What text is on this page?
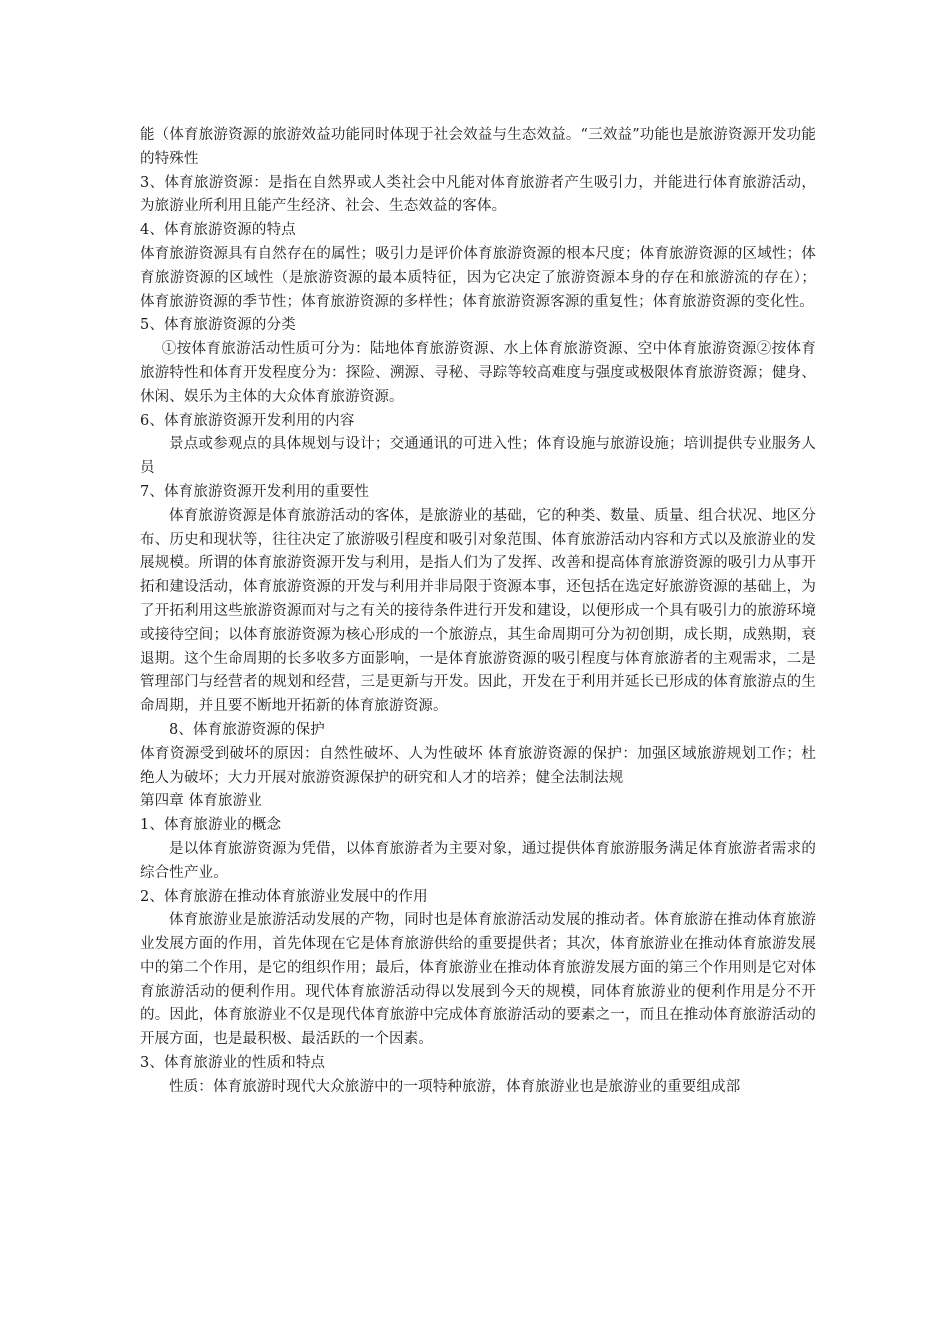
能（体育旅游资源的旅游效益功能同时体现于社会效益与生态效益。“三效益”功能也是旅游资源开发功能的特殊性

3、体育旅游资源：是指在自然界或人类社会中凡能对体育旅游者产生吸引力，并能进行体育旅游活动，为旅游业所利用且能产生经济、社会、生态效益的客体。

4、体育旅游资源的特点

体育旅游资源具有自然存在的属性；吸引力是评价体育旅游资源的根本尺度；体育旅游资源的区域性；体育旅游资源的区域性（是旅游资源的最本质特征，因为它决定了旅游资源本身的存在和旅游流的存在）；体育旅游资源的季节性；体育旅游资源的多样性；体育旅游资源客源的重复性；体育旅游资源的变化性。

5、体育旅游资源的分类

①按体育旅游活动性质可分为：陆地体育旅游资源、水上体育旅游资源、空中体育旅游资源②按体育旅游特性和体育开发程度分为：探险、溯源、寻秘、寻踪等较高难度与强度或极限体育旅游资源；健身、休闲、娱乐为主体的大众体育旅游资源。

6、体育旅游资源开发利用的内容

景点或参观点的具体规划与设计；交通通讯的可进入性；体育设施与旅游设施；培训提供专业服务人员

7、体育旅游资源开发利用的重要性

体育旅游资源是体育旅游活动的客体，是旅游业的基础，它的种类、数量、质量、组合状况、地区分布、历史和现状等，往往决定了旅游吸引程度和吸引对象范围、体育旅游活动内容和方式以及旅游业的发展规模。所谓的体育旅游资源开发与利用，是指人们为了发挥、改善和提高体育旅游资源的吸引力从事开拓和建设活动，体育旅游资源的开发与利用并非局限于资源本事，还包括在选定好旅游资源的基础上，为了开拓利用这些旅游资源而对与之有关的接待条件进行开发和建设，以便形成一个具有吸引力的旅游环境或接待空间；以体育旅游资源为核心形成的一个旅游点，其生命周期可分为初创期，成长期，成熟期，衰退期。这个生命周期的长多收多方面影响，一是体育旅游资源的吸引程度与体育旅游者的主观需求，二是管理部门与经营者的规划和经营，三是更新与开发。因此，开发在于利用并延长已形成的体育旅游点的生命周期，并且要不断地开拓新的体育旅游资源。

8、体育旅游资源的保护

体育资源受到破坏的原因：自然性破坏、人为性破坏 体育旅游资源的保护：加强区域旅游规划工作；杜绝人为破坏；大力开展对旅游资源保护的研究和人才的培养；健全法制法规

第四章 体育旅游业

1、体育旅游业的概念

是以体育旅游资源为凭借，以体育旅游者为主要对象，通过提供体育旅游服务满足体育旅游者需求的综合性产业。

2、体育旅游在推动体育旅游业发展中的作用

体育旅游业是旅游活动发展的产物，同时也是体育旅游活动发展的推动者。体育旅游在推动体育旅游业发展方面的作用，首先体现在它是体育旅游供给的重要提供者；其次，体育旅游业在推动体育旅游发展中的第二个作用，是它的组织作用；最后，体育旅游业在推动体育旅游发展方面的第三个作用则是它对体育旅游活动的便利作用。现代体育旅游活动得以发展到今天的规模，同体育旅游业的便利作用是分不开的。因此，体育旅游业不仅是现代体育旅游中完成体育旅游活动的要素之一，而且在推动体育旅游活动的开展方面，也是最积极、最活跃的一个因素。

3、体育旅游业的性质和特点

性质：体育旅游时现代大众旅游中的一项特种旅游，体育旅游业也是旅游业的重要组成部
